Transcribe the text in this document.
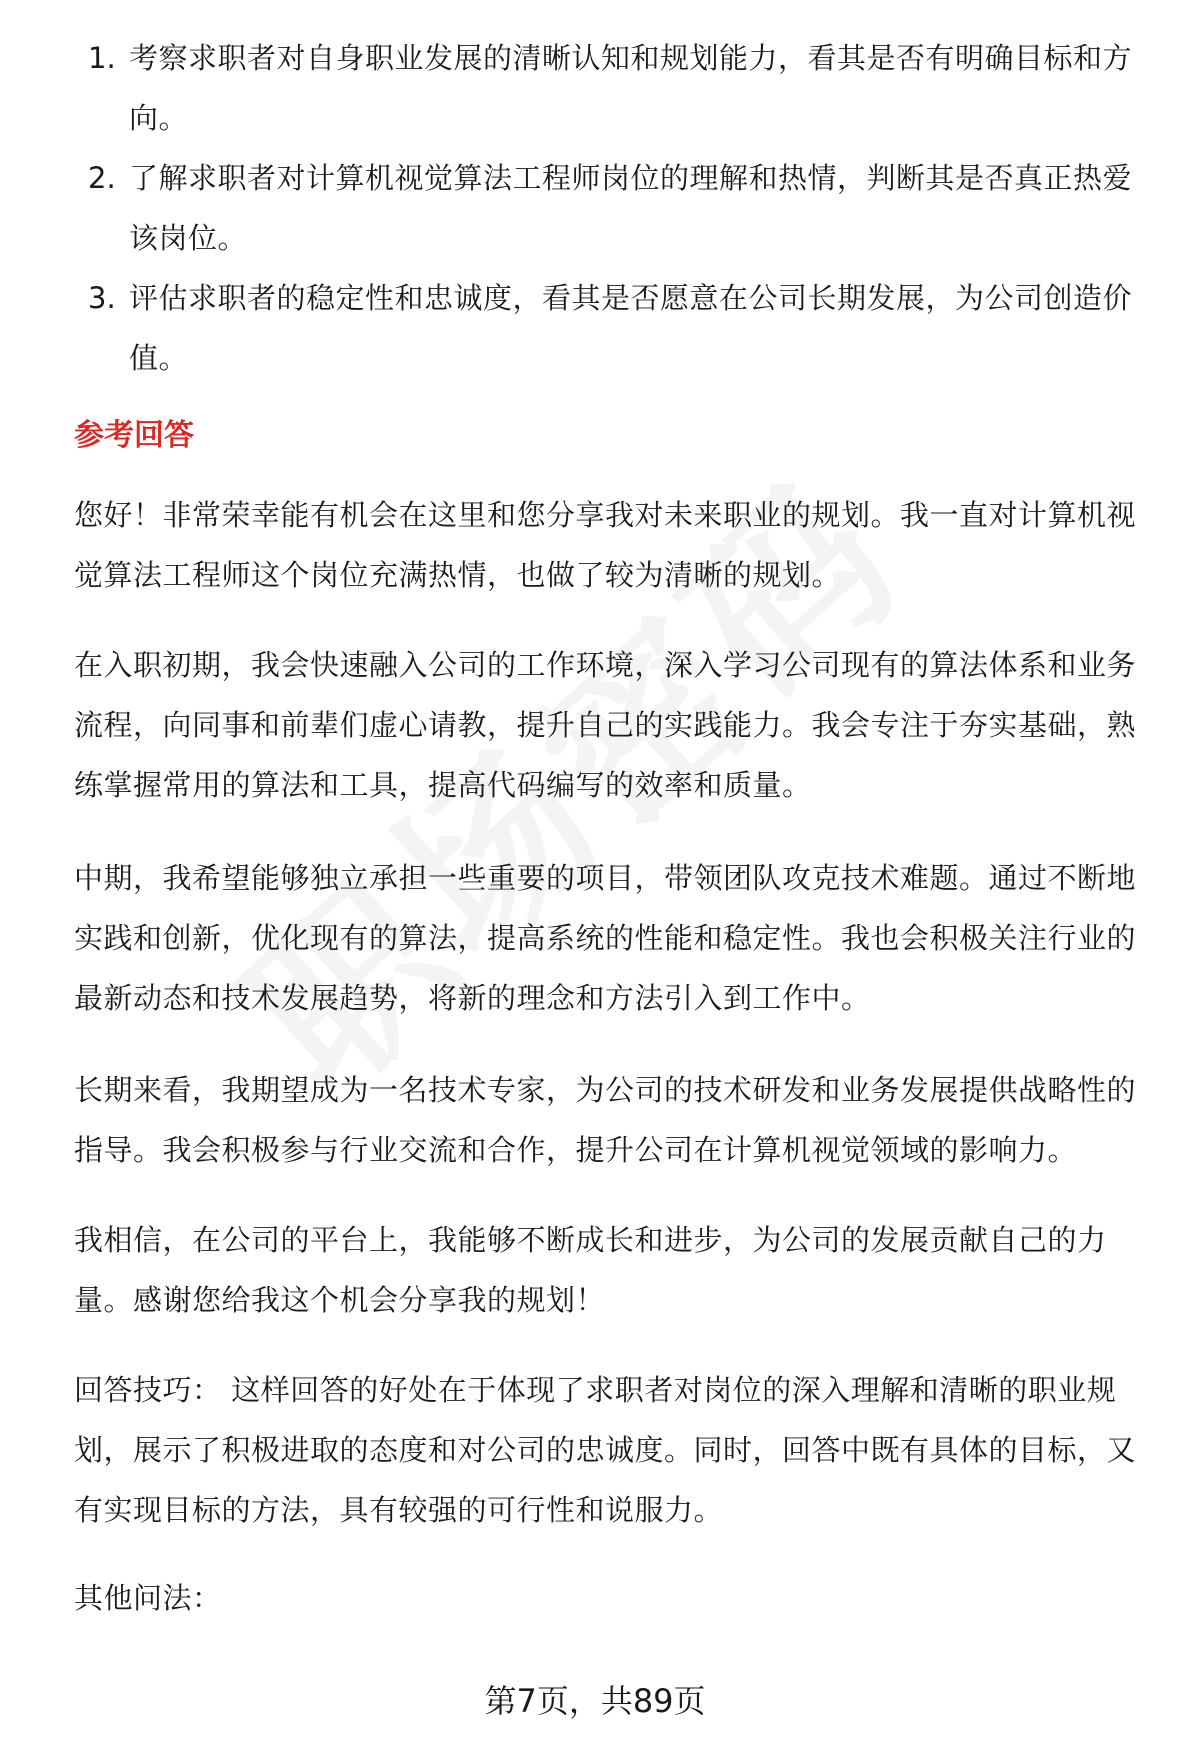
1. 考察求职者对自身职业发展的清晰认知和规划能力，看其是否有明确目标和方向。
2. 了解求职者对计算机视觉算法工程师岗位的理解和热情，判断其是否真正热爱该岗位。
3. 评估求职者的稳定性和忠诚度，看其是否愿意在公司长期发展，为公司创造价值。
参考回答
您好！非常荣幸能有机会在这里和您分享我对未来职业的规划。我一直对计算机视觉算法工程师这个岗位充满热情，也做了较为清晰的规划。
在入职初期，我会快速融入公司的工作环境，深入学习公司现有的算法体系和业务流程，向同事和前辈们虚心请教，提升自己的实践能力。我会专注于夯实基础，熟练掌握常用的算法和工具，提高代码编写的效率和质量。
中期，我希望能够独立承担一些重要的项目，带领团队攻克技术难题。通过不断地实践和创新，优化现有的算法，提高系统的性能和稳定性。我也会积极关注行业的最新动态和技术发展趋势，将新的理念和方法引入到工作中。
长期来看，我期望成为一名技术专家，为公司的技术研发和业务发展提供战略性的指导。我会积极参与行业交流和合作，提升公司在计算机视觉领域的影响力。
我相信，在公司的平台上，我能够不断成长和进步，为公司的发展贡献自己的力量。感谢您给我这个机会分享我的规划！
回答技巧： 这样回答的好处在于体现了求职者对岗位的深入理解和清晰的职业规划，展示了积极进取的态度和对公司的忠诚度。同时，回答中既有具体的目标，又有实现目标的方法，具有较强的可行性和说服力。
其他问法：
第7页，共89页
